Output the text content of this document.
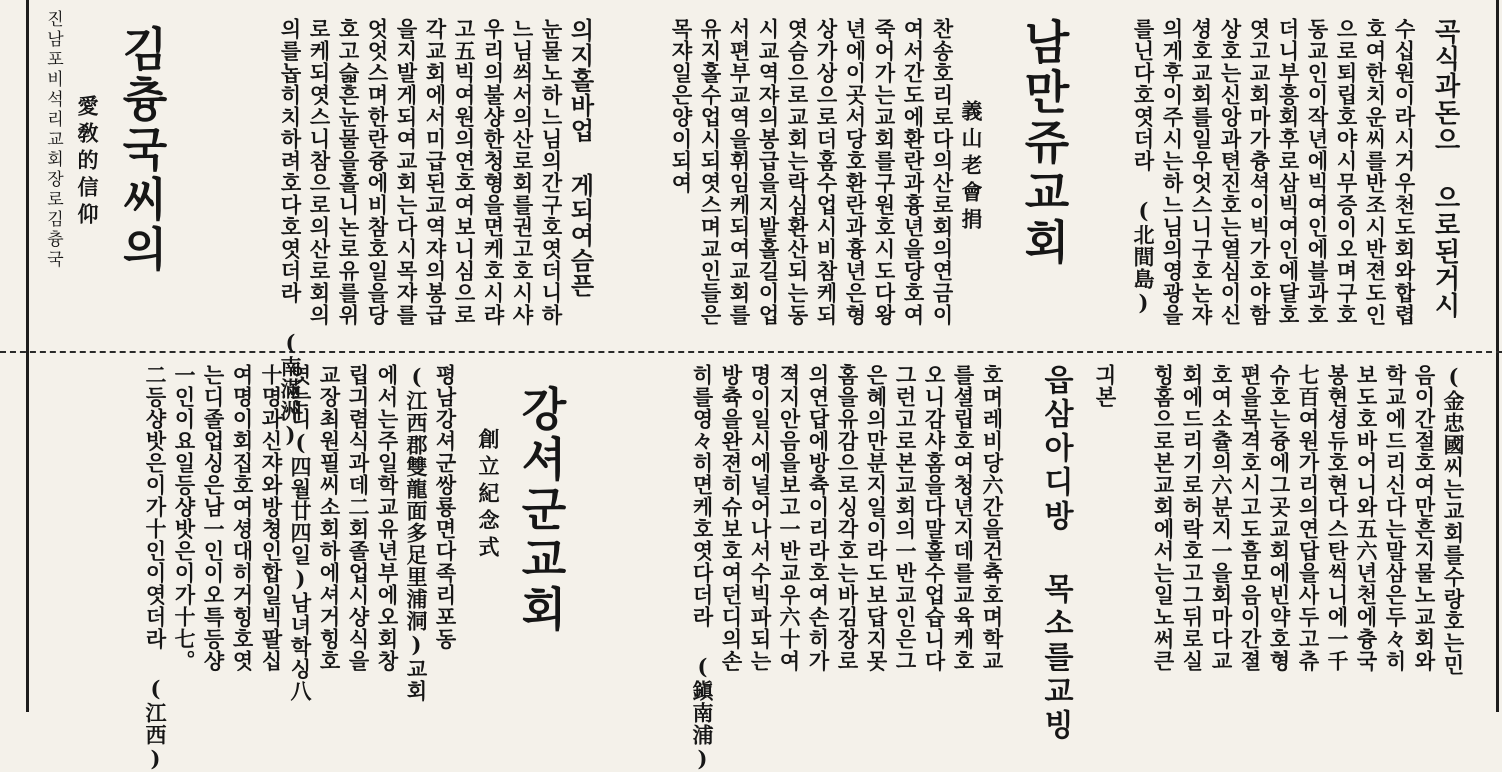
곡식과돈으 으로된거시
수십원이라시거우천도회와합렵
호여한치운씨를반조시반젼도인
으로퇴립호야시무증이오며구호
동교인이작년에빅여인에블과호
더니부흥회후로삼빅여인에달호
엿고교회마가츙셕이빅가호야함
상호는신앙과텬진호는열심이신
셩호교회를일우엇스니구호논쟈
의게후이주시는하느님의영광을
를닌다호엿더라 (北間島)
남만쥬교회
義山老會捐
찬송호리로다의산로회의연금이
여서간도에환란과흉년을당호여
죽어가는교회를구원호시도다왕
년에이곳서당호환란과흉년은형
상가상으로더홈수업시비참케되
엿슴으로교회는락심환산되는동
시교역쟈의봉급을지발홀길이업
서편부교역을휘임케되여교회를
유지홀수업시되엿스며교인들은
목쟈일은양이되여
의지홀바업 게되여슴픈
눈물노하느님의간구호엿더니하
느님씌서의산로회를권고호시샤
우리의불샹한청형을면케호시랴
고五빅여원의연호여보니심으로
각교회에서미급된교역쟈의봉급
을지발게되여교회는다시목쟈를
엇엇스며한란즁에비참호일을당
호고슯흔눈물을흘니논로유를위
로케되엿스니참으로의산로회의
의를놉히치하려호다호엿더라 (南滿洲)
김츙국씨의
愛敎的信仰
진남포비석리교회장로김츙국
(金忠國씨는교회를수랑호는민
음이간절호여만흔지물노교회와
학교에드리신다는말삼은두々히
보도호바어니와五六년천에츙국
봉현셩듀호현다스탄씩니에一千
七百여원가리의연답을사두고츄
슈호는즁에그곳교회에빈약호형
편을목격호시고도흠모음이간졀
호여소츌의六분지一을회마다교
회에드리기로허락호고그뒤로실
힝홈으로본교회에서는일노써큰
긔본
읍삼아디방 목소를교빙
호며레비당六간을건츅호며학교
를셜립호여청년지데를교육케호
오니감샤홈을다말홀수업습니다
그런고로본교회의一반교인은그
은혜의만분지일이라도보답지못
홈을유감으로싱각호는바김장로
의연답에방츅이리라호여손히가
젹지안음을보고一반교우六十여
명이일시에널어나서수빅파되는
방츅을완젼히슈보호여던디의손
히를영々히면케호엿다더라 (鎭南浦)
강셔군교회
創立紀念式
평남강셔군쌍룡면다족리포동
(江西郡雙龍面多足里浦洞)교회
에서는주일학교유년부에오회창
립긔렴식과데二회졸업시샹식을
교장최원필씨소회하에셔거힝호
엿는디(四월廿四일)남녀학싱八
十명과신쟈와방쳥인합일빅팔십
여명이회집호여셩대히거힝호엿
는디졸업싱은남一인이오특등샹
一인이요일등샹밧은이가十七。
二등샹밧은이가十인이엿더라 (江西)
